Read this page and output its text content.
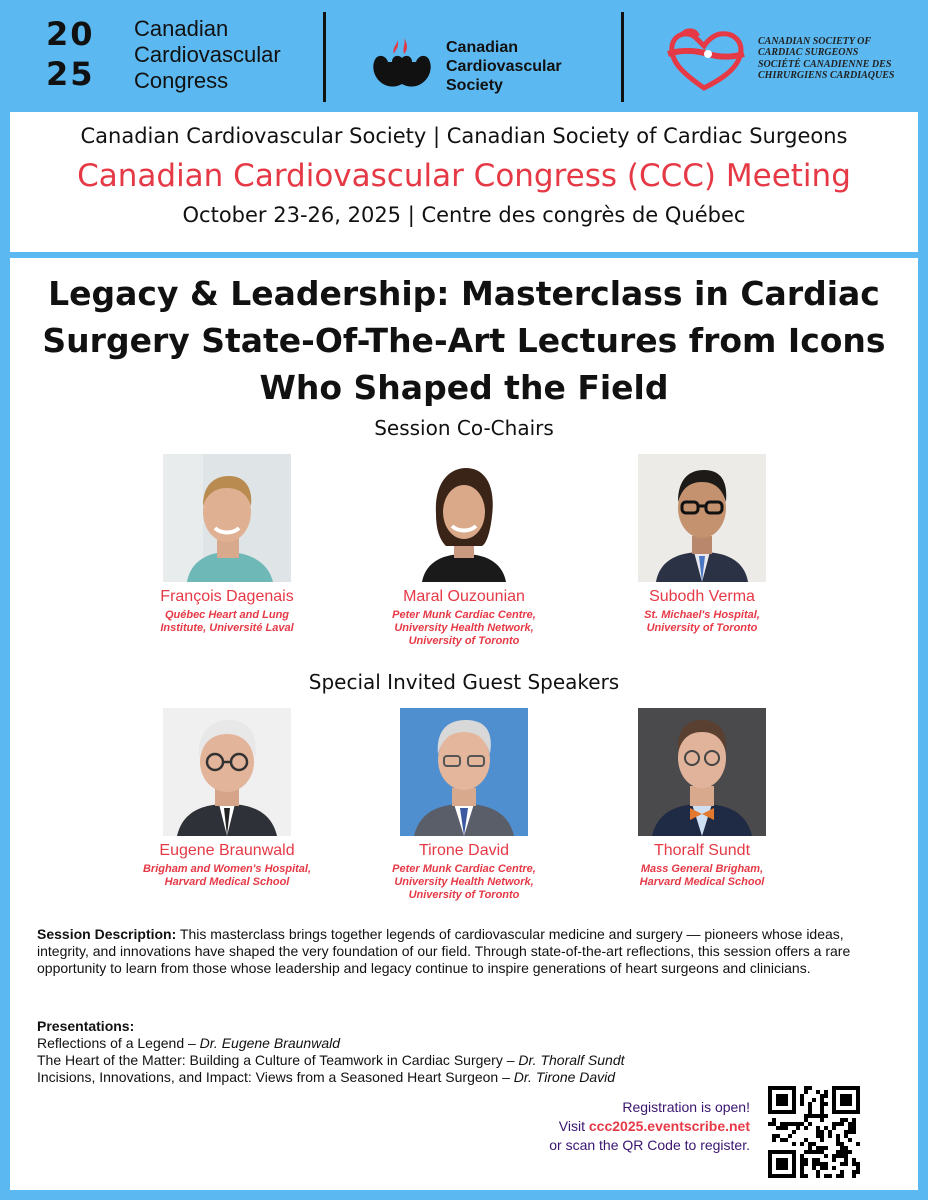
20
25
Canadian
Cardiovascular
Congress
Canadian
Cardiovascular
Society
CANADIAN SOCIETY OF
CARDIAC SURGEONS
SOCIÉTÉ CANADIENNE DES
CHIRURGIENS CARDIAQUES
Canadian Cardiovascular Society | Canadian Society of Cardiac Surgeons
Canadian Cardiovascular Congress (CCC) Meeting
October 23-26, 2025 | Centre des congrès de Québec
Legacy & Leadership: Masterclass in Cardiac
Surgery State-Of-The-Art Lectures from Icons
Who Shaped the Field
Session Co-Chairs
François Dagenais
Québec Heart and Lung
Institute, Université Laval
Maral Ouzounian
Peter Munk Cardiac Centre,
University Health Network,
University of Toronto
Subodh Verma
St. Michael's Hospital,
University of Toronto
Special Invited Guest Speakers
Eugene Braunwald
Brigham and Women's Hospital,
Harvard Medical School
Tirone David
Peter Munk Cardiac Centre,
University Health Network,
University of Toronto
Thoralf Sundt
Mass General Brigham,
Harvard Medical School
Session Description: This masterclass brings together legends of cardiovascular medicine and surgery — pioneers whose ideas, integrity, and innovations have shaped the very foundation of our field. Through state-of-the-art reflections, this session offers a rare opportunity to learn from those whose leadership and legacy continue to inspire generations of heart surgeons and clinicians.
Presentations:
Reflections of a Legend – Dr. Eugene Braunwald
The Heart of the Matter: Building a Culture of Teamwork in Cardiac Surgery – Dr. Thoralf Sundt
Incisions, Innovations, and Impact: Views from a Seasoned Heart Surgeon – Dr. Tirone David
Registration is open!
Visit ccc2025.eventscribe.net
or scan the QR Code to register.
